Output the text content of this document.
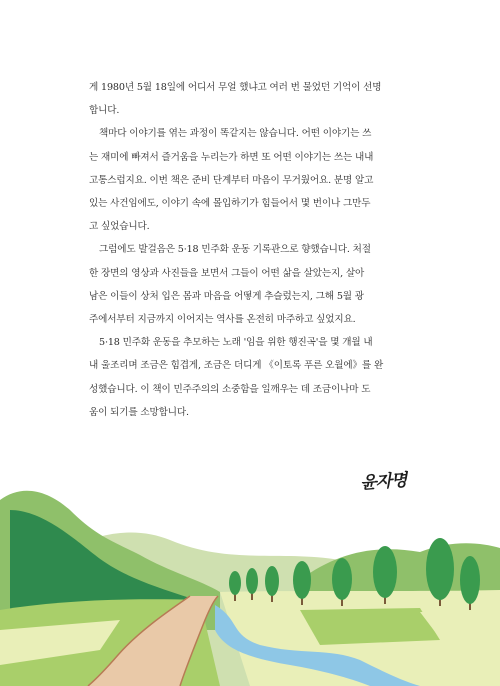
게 1980년 5월 18일에 어디서 무얼 했냐고 여러 번 물었던 기억이 선명
합니다.
책마다 이야기를 엮는 과정이 똑같지는 않습니다. 어떤 이야기는 쓰
는 재미에 빠져서 즐거움을 누리는가 하면 또 어떤 이야기는 쓰는 내내
고통스럽지요. 이번 책은 준비 단계부터 마음이 무거웠어요. 분명 알고
있는 사건임에도, 이야기 속에 몰입하기가 힘들어서 몇 번이나 그만두
고 싶었습니다.
그럼에도 발걸음은 5·18 민주화 운동 기록관으로 향했습니다. 처절
한 장면의 영상과 사진들을 보면서 그들이 어떤 삶을 살았는지, 살아
남은 이들이 상처 입은 몸과 마음을 어떻게 추슬렀는지, 그해 5월 광
주에서부터 지금까지 이어지는 역사를 온전히 마주하고 싶었지요.
5·18 민주화 운동을 추모하는 노래 '임을 위한 행진곡'을 몇 개월 내
내 울조리며 조금은 힘겹게, 조금은 더디게 《이토록 푸른 오월에》를 완
성했습니다. 이 책이 민주주의의 소중함을 일깨우는 데 조금이나마 도
움이 되기를 소망합니다.
윤자명
